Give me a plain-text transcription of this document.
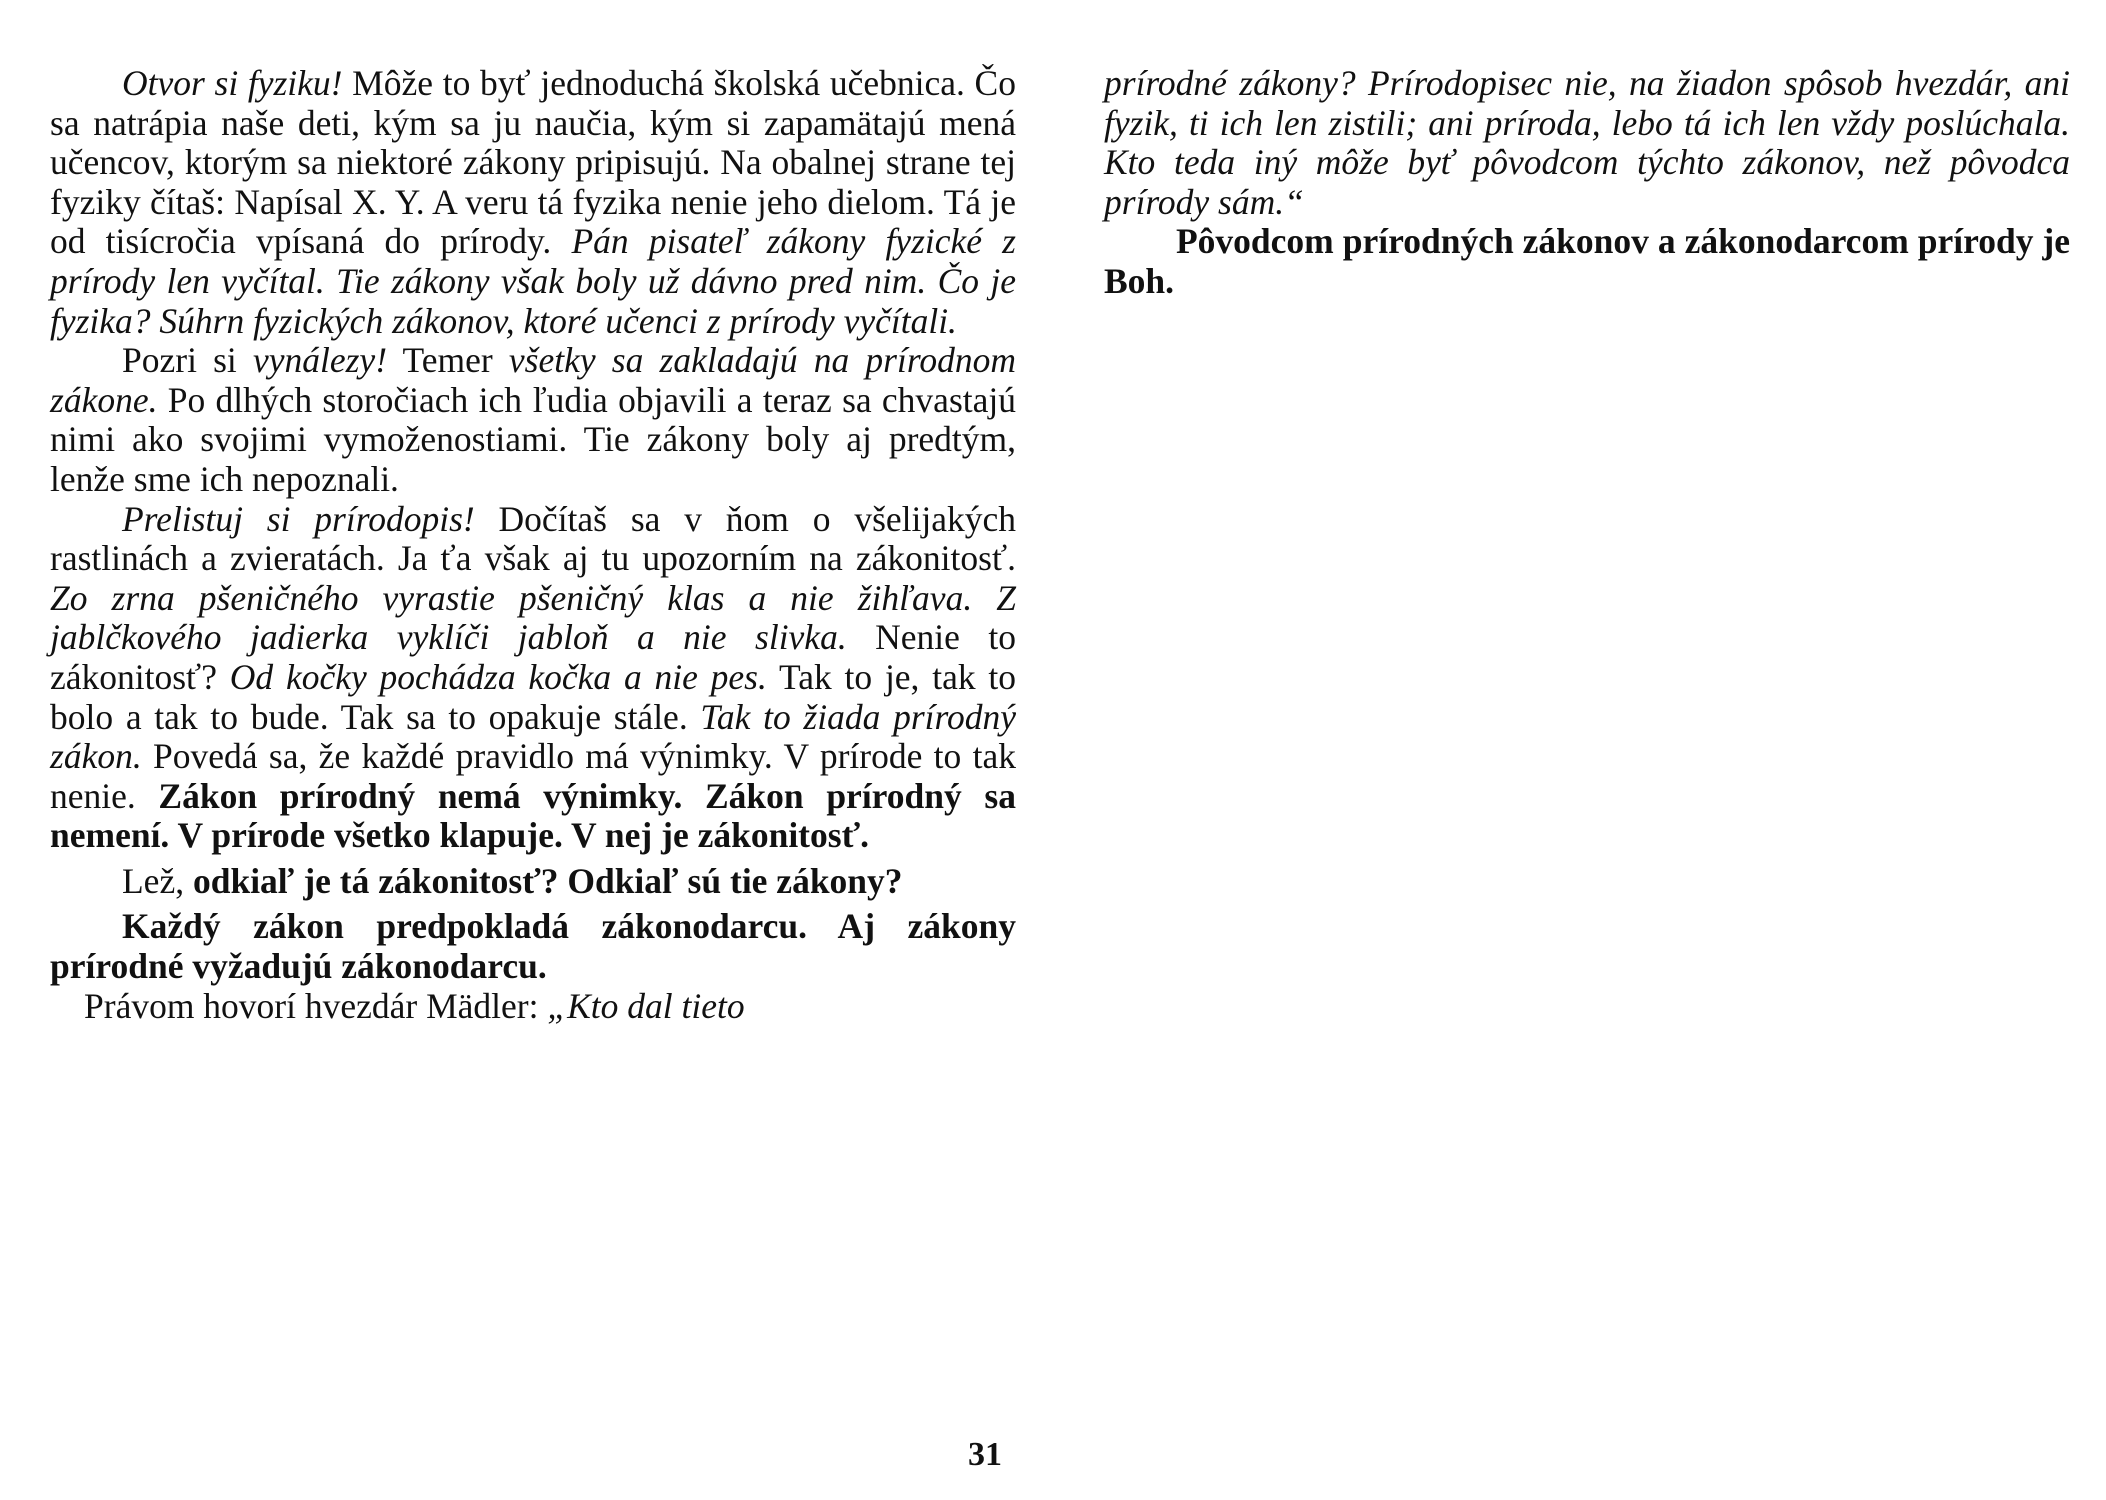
Otvor si fyziku! Môže to byť jednoduchá školská učebnica. Čo sa natrápia naše deti, kým sa ju naučia, kým si zapamätajú mená učencov, ktorým sa niektoré zákony pripisujú. Na obalnej strane tej fyziky čítaš: Napísal X. Y. A veru tá fyzika nenie jeho dielom. Tá je od tisícročia vpísaná do prírody. Pán pisateľ zákony fyzické z prírody len vyčítal. Tie zákony však boly už dávno pred nim. Čo je fyzika? Súhrn fyzických zákonov, ktoré učenci z prírody vyčítali.

Pozri si vynálezy! Temer všetky sa zakladajú na prírodnom zákone. Po dlhých storočiach ich ľudia objavili a teraz sa chvastajú nimi ako svojimi vymoženostiami. Tie zákony boly aj predtým, lenže sme ich nepoznali.

Prelistuj si prírodopis! Dočítaš sa v ňom o všelijakých rastlinách a zvieratách. Ja ťa však aj tu upozorním na zákonitosť. Zo zrna pšeničného vyrastie pšeničný klas a nie žihľava. Z jablčkového jadierka vyklíči jabloň a nie slivka. Nenie to zákonitosť? Od kočky pochádza kočka a nie pes. Tak to je, tak to bolo a tak to bude. Tak sa to opakuje stále. Tak to žiada prírodný zákon. Povedá sa, že každé pravidlo má výnimky. V prírode to tak nenie. Zákon prírodný nemá výnimky. Zákon prírodný sa nemení. V prírode všetko klapuje. V nej je zákonitosť.

Lež, odkiaľ je tá zákonitosť? Odkiaľ sú tie zákony?

Každý zákon predpokladá zákonodarcu. Aj zákony prírodné vyžadujú zákonodarcu.

Právom hovorí hvezdár Mädler: „Kto dal tieto

31

prírodné zákony? Prírodopisec nie, na žiadon spôsob hvezdár, ani fyzik, ti ich len zistili; ani príroda, lebo tá ich len vždy poslúchala. Kto teda iný môže byť pôvodcom týchto zákonov, než pôvodca prírody sám.“

Pôvodcom prírodných zákonov a zákonodarcom prírody je Boh.
